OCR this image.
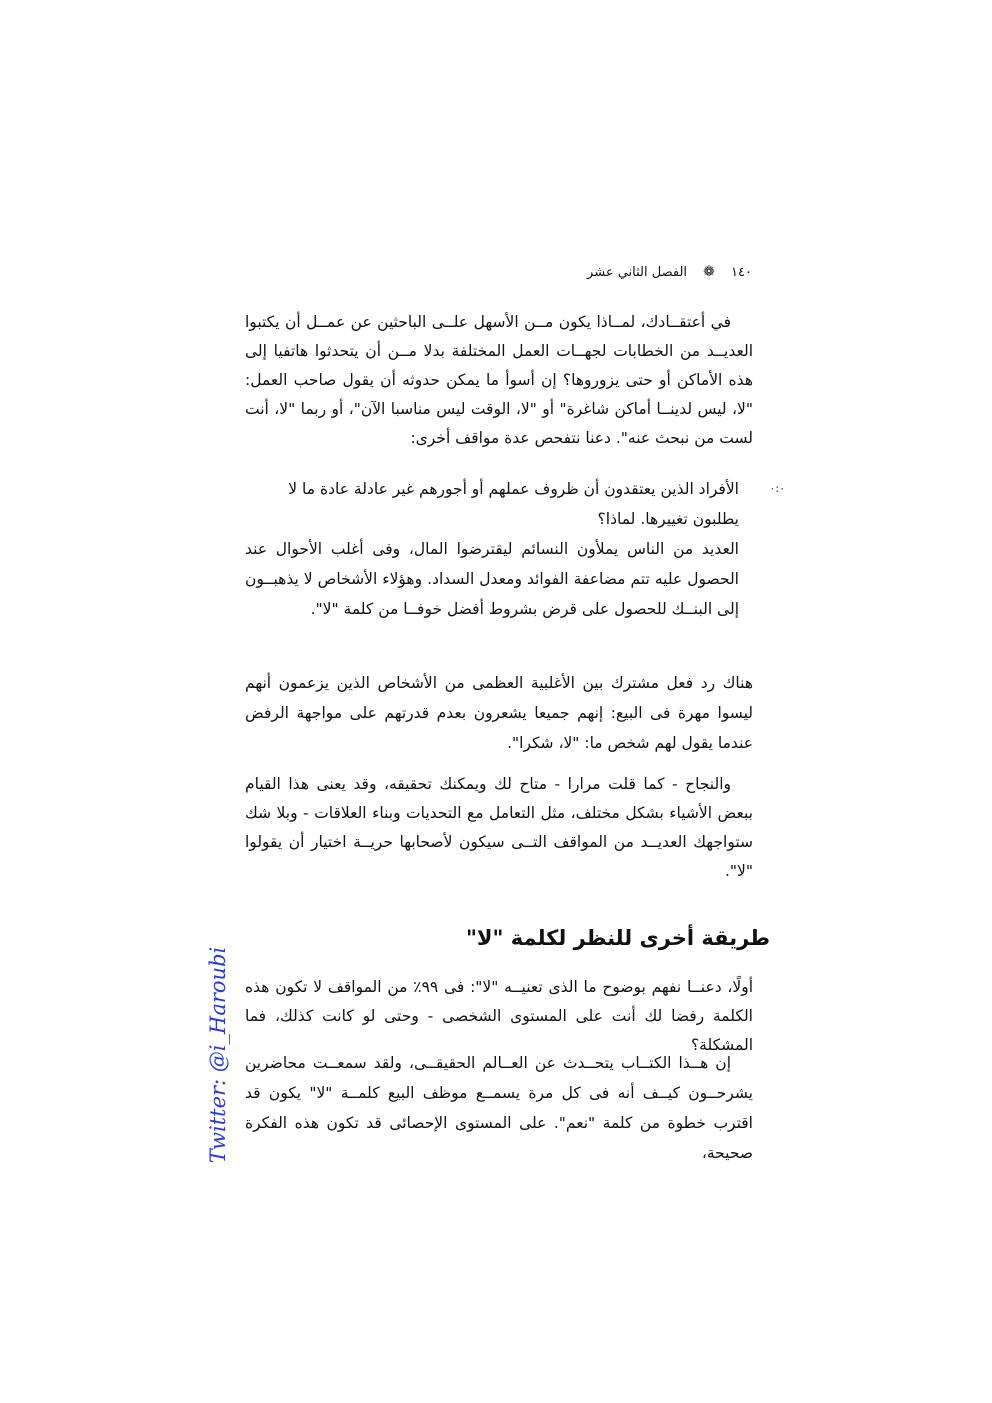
١٤٠ ❁ الفصل الثاني عشر
في أعتقــادك، لمــاذا يكون مــن الأسهل علــى الباحثين عن عمــل أن يكتبوا العديــد من الخطابات لجهــات العمل المختلفة بدلا مــن أن يتحدثوا هاتفيا إلى هذه الأماكن أو حتى يزوروها؟ إن أسوأ ما يمكن حدوثه أن يقول صاحب العمل: "لا، ليس لدينــا أماكن شاغرة" أو "لا، الوقت ليس مناسبا الآن"، أو ربما "لا، أنت لست من نبحث عنه". دعنا نتفحص عدة مواقف أخرى:
٠:٠
الأفراد الذين يعتقدون أن ظروف عملهم أو أجورهم غير عادلة عادة ما لا
يطلبون تغييرها. لماذا؟
العديد من الناس يملأون النسائم ليقترضوا المال، وفى أغلب الأحوال عند الحصول عليه تتم مضاعفة الفوائد ومعدل السداد. وهؤلاء الأشخاص لا يذهبــون إلى البنــك للحصول على قرض بشروط أفضل خوفــا من كلمة "لا".
هناك رد فعل مشترك بين الأغلبية العظمى من الأشخاص الذين يزعمون أنهم ليسوا مهرة فى البيع: إنهم جميعا يشعرون بعدم قدرتهم على مواجهة الرفض عندما يقول لهم شخص ما: "لا، شكرا".
والنجاح - كما قلت مرارا - متاح لك ويمكنك تحقيقه، وقد يعنى هذا القيام ببعض الأشياء بشكل مختلف، مثل التعامل مع التحديات وبناء العلاقات - وبلا شك ستواجهك العديــد من المواقف التــى سيكون لأصحابها حريــة اختيار أن يقولوا "لا".
طريقة أخرى للنظر لكلمة "لا"
أولًا، دعنــا نفهم بوضوح ما الذى تعنيــه "لا": فى ٩٩٪ من المواقف لا تكون هذه الكلمة رفضا لك أنت على المستوى الشخصى - وحتى لو كانت كذلك، فما المشكلة؟
إن هــذا الكتــاب يتحــدث عن العــالم الحقيقــى، ولقد سمعــت محاضرين يشرحــون كيــف أنه فى كل مرة يسمــع موظف البيع كلمــة "لا" يكون قد اقترب خطوة من كلمة "نعم". على المستوى الإحصائى قد تكون هذه الفكرة صحيحة،
Twitter: @i_Haroubi
